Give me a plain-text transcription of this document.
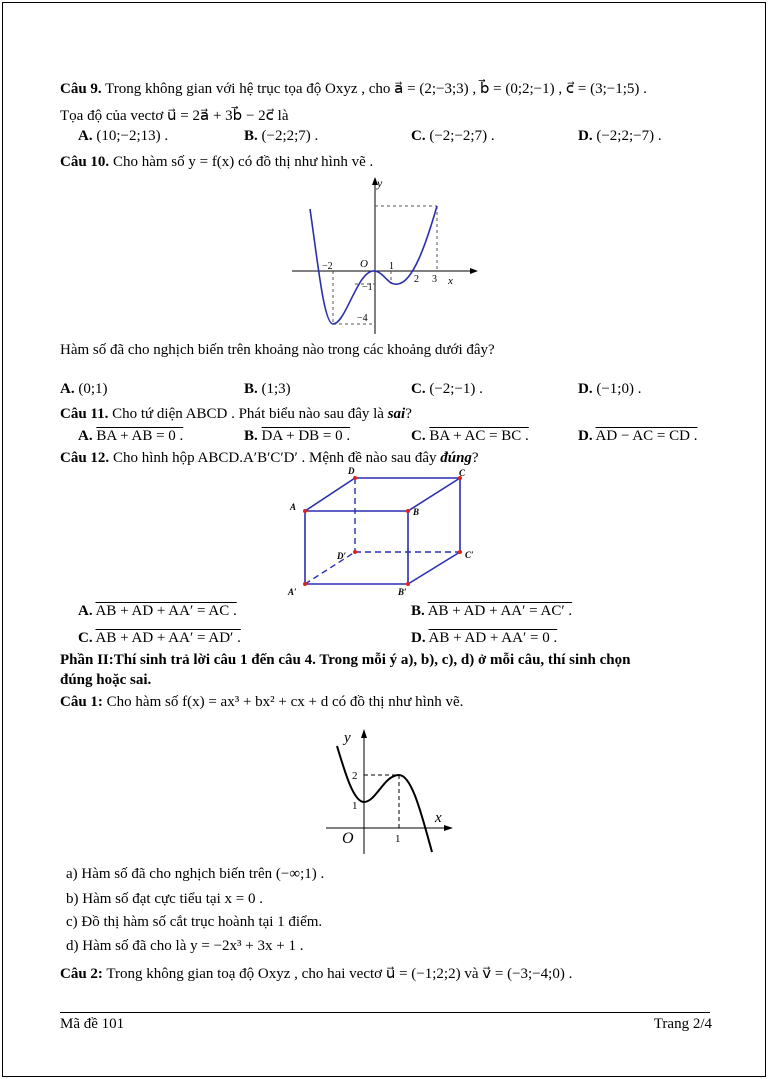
Câu 9. Trong không gian với hệ trục tọa độ Oxyz , cho a⃗ = (2;−3;3) , b⃗ = (0;2;−1) , c⃗ = (3;−1;5) .
Tọa độ của vectơ u⃗ = 2a⃗ + 3b⃗ − 2c⃗ là
A. (10;−2;13) .	B. (−2;2;7) .	C. (−2;−2;7) .	D. (−2;2;−7) .
Câu 10. Cho hàm số y = f(x) có đồ thị như hình vẽ .
y
x
O
−2	1
2 3
−1
−4
Hàm số đã cho nghịch biến trên khoảng nào trong các khoảng dưới đây?
A. (0;1)	B. (1;3)	C. (−2;−1) .	D. (−1;0) .
Câu 11. Cho tứ diện ABCD . Phát biểu nào sau đây là sai?
A. BA + AB = 0 .	B. DA + DB = 0 .	C. BA + AC = BC .	D. AD − AC = CD .
Câu 12. Cho hình hộp ABCD.A′B′C′D′ . Mệnh đề nào sau đây đúng?
D	C
A	B
D′	C′
A′	B′
A. AB + AD + AA′ = AC .	B. AB + AD + AA′ = AC′ .
C. AB + AD + AA′ = AD′ .	D. AB + AD + AA′ = 0 .
Phần II:Thí sinh trả lời câu 1 đến câu 4. Trong mỗi ý a), b), c), d) ở mỗi câu, thí sinh chọn
đúng hoặc sai.
Câu 1: Cho hàm số f(x) = ax³ + bx² + cx + d có đồ thị như hình vẽ.
y
x
O
2
1
1
a) Hàm số đã cho nghịch biến trên (−∞;1) .
b) Hàm số đạt cực tiểu tại x = 0 .
c) Đồ thị hàm số cắt trục hoành tại 1 điểm.
d) Hàm số đã cho là y = −2x³ + 3x + 1 .
Câu 2: Trong không gian toạ độ Oxyz , cho hai vectơ u⃗ = (−1;2;2) và v⃗ = (−3;−4;0) .
Mã đề 101	Trang 2/4
